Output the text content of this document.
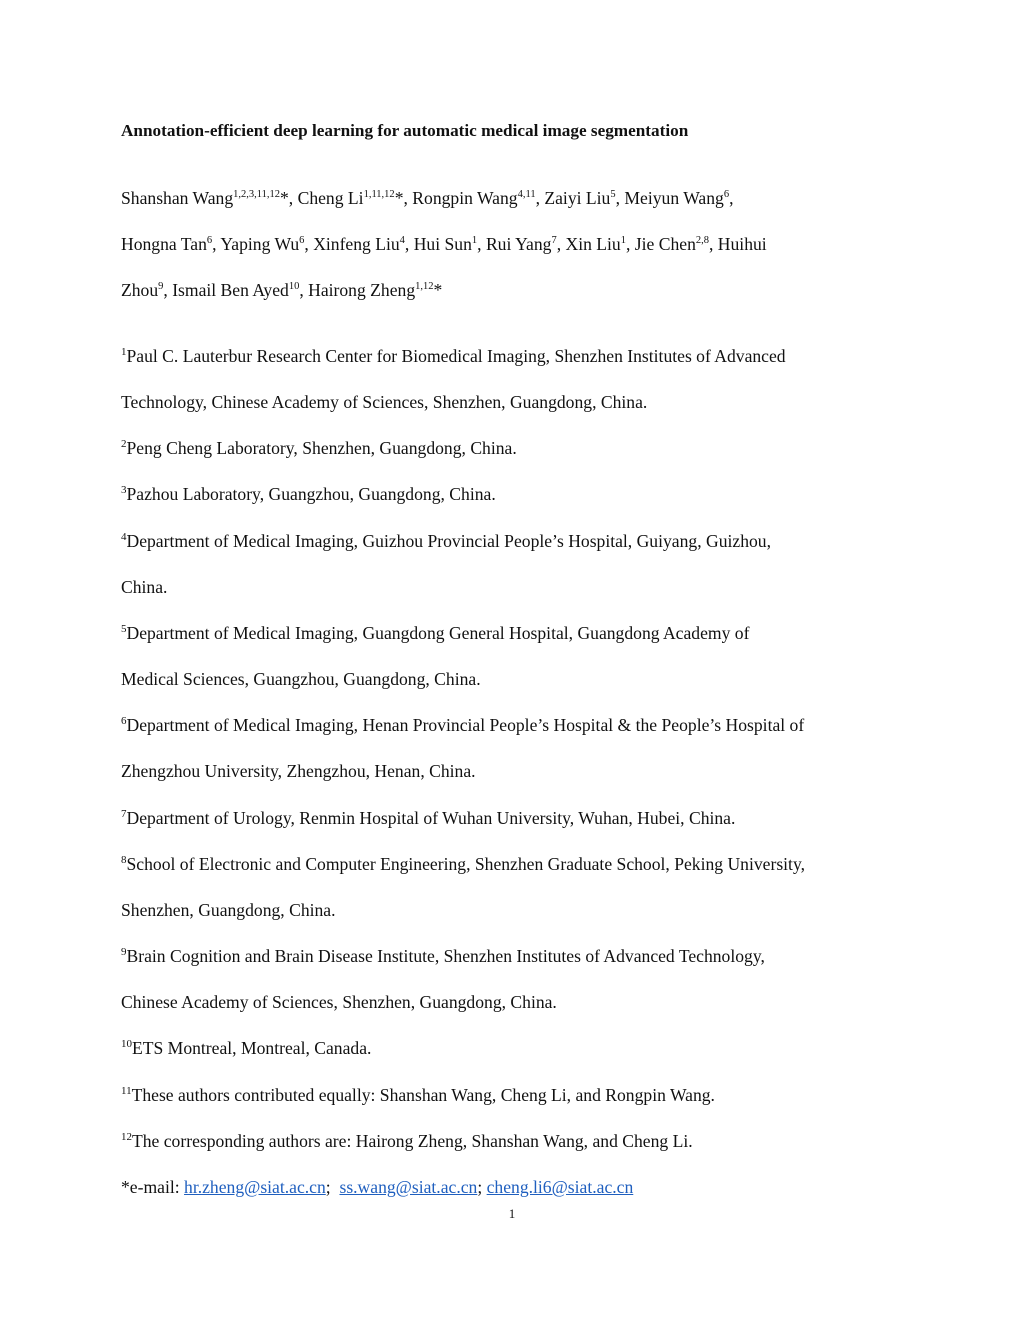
Annotation-efficient deep learning for automatic medical image segmentation
Shanshan Wang$^{1,2,3,11,12}$*, Cheng Li$^{1,11,12}$*, Rongpin Wang$^{4,11}$, Zaiyi Liu$^5$, Meiyun Wang$^6$,
Hongna Tan$^6$, Yaping Wu$^6$, Xinfeng Liu$^4$, Hui Sun$^1$, Rui Yang$^7$, Xin Liu$^1$, Jie Chen$^{2,8}$, Huihui
Zhou$^9$, Ismail Ben Ayed$^{10}$, Hairong Zheng$^{1,12}$*
$^1$Paul C. Lauterbur Research Center for Biomedical Imaging, Shenzhen Institutes of Advanced
Technology, Chinese Academy of Sciences, Shenzhen, Guangdong, China.
$^2$Peng Cheng Laboratory, Shenzhen, Guangdong, China.
$^3$Pazhou Laboratory, Guangzhou, Guangdong, China.
$^4$Department of Medical Imaging, Guizhou Provincial People’s Hospital, Guiyang, Guizhou,
China.
$^5$Department of Medical Imaging, Guangdong General Hospital, Guangdong Academy of
Medical Sciences, Guangzhou, Guangdong, China.
$^6$Department of Medical Imaging, Henan Provincial People’s Hospital & the People’s Hospital of
Zhengzhou University, Zhengzhou, Henan, China.
$^7$Department of Urology, Renmin Hospital of Wuhan University, Wuhan, Hubei, China.
$^8$School of Electronic and Computer Engineering, Shenzhen Graduate School, Peking University,
Shenzhen, Guangdong, China.
$^9$Brain Cognition and Brain Disease Institute, Shenzhen Institutes of Advanced Technology,
Chinese Academy of Sciences, Shenzhen, Guangdong, China.
$^{10}$ETS Montreal, Montreal, Canada.
$^{11}$These authors contributed equally: Shanshan Wang, Cheng Li, and Rongpin Wang.
$^{12}$The corresponding authors are: Hairong Zheng, Shanshan Wang, and Cheng Li.
*e-mail: hr.zheng@siat.ac.cn;  ss.wang@siat.ac.cn; cheng.li6@siat.ac.cn
1
